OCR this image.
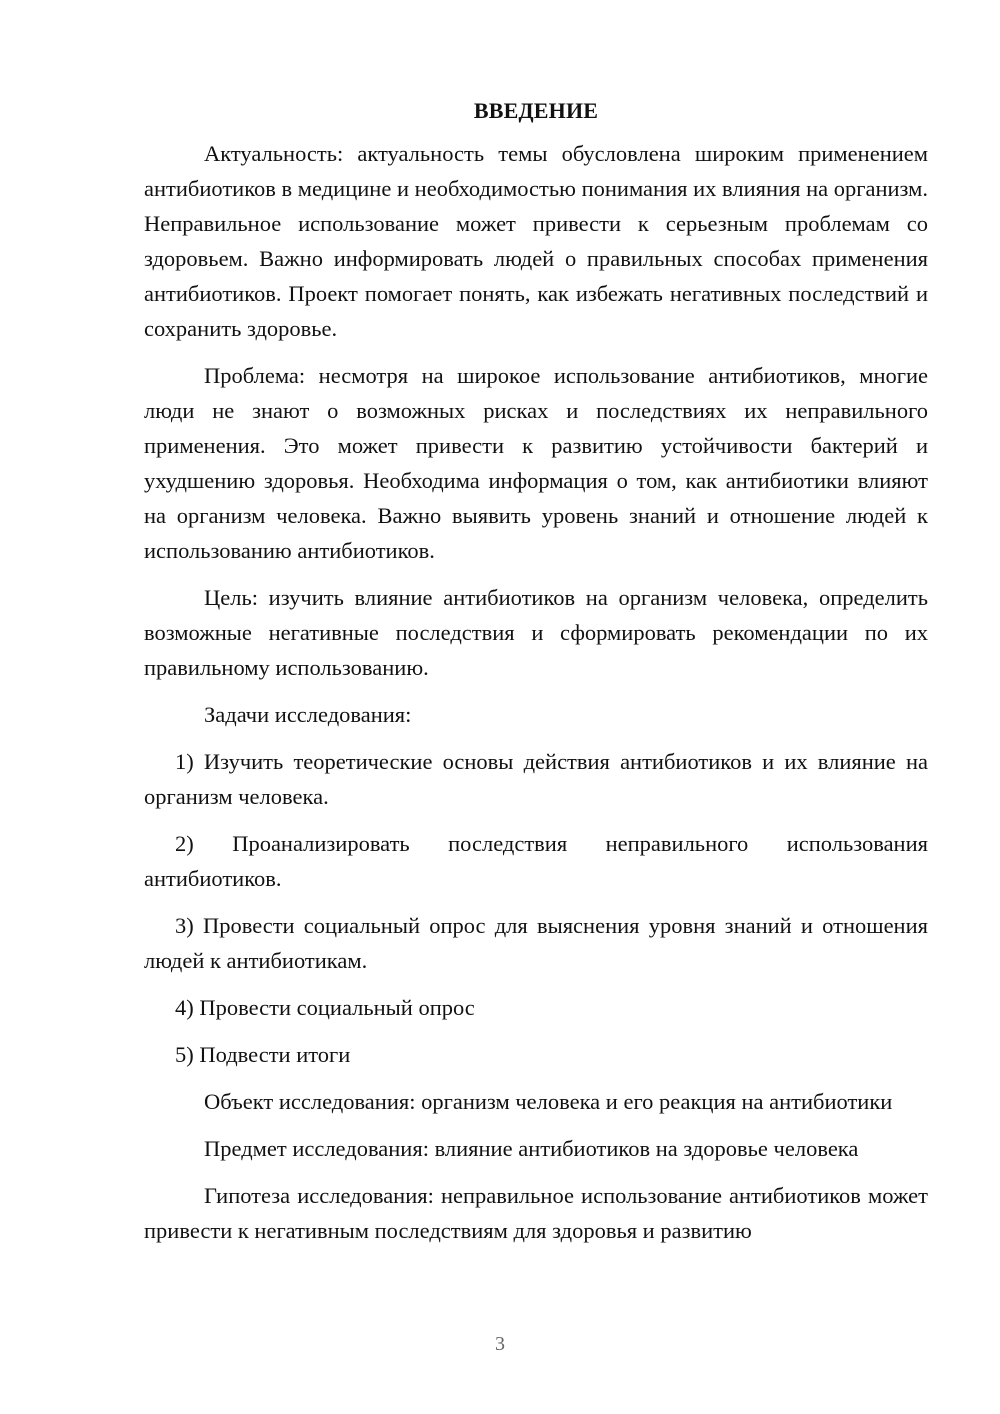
ВВЕДЕНИЕ

Актуальность: актуальность темы обусловлена широким применением антибиотиков в медицине и необходимостью понимания их влияния на организм. Неправильное использование может привести к серьезным проблемам со здоровьем. Важно информировать людей о правильных способах применения антибиотиков. Проект помогает понять, как избежать негативных последствий и сохранить здоровье.

Проблема: несмотря на широкое использование антибиотиков, многие люди не знают о возможных рисках и последствиях их неправильного применения. Это может привести к развитию устойчивости бактерий и ухудшению здоровья. Необходима информация о том, как антибиотики влияют на организм человека. Важно выявить уровень знаний и отношение людей к использованию антибиотиков.

Цель: изучить влияние антибиотиков на организм человека, определить возможные негативные последствия и сформировать рекомендации по их правильному использованию.

Задачи исследования:

1) Изучить теоретические основы действия антибиотиков и их влияние на организм человека.

2) Проанализировать последствия неправильного использования антибиотиков.

3) Провести социальный опрос для выяснения уровня знаний и отношения людей к антибиотикам.

4) Провести социальный опрос

5) Подвести итоги

Объект исследования: организм человека и его реакция на антибиотики

Предмет исследования: влияние антибиотиков на здоровье человека

Гипотеза исследования: неправильное использование антибиотиков может привести к негативным последствиям для здоровья и развитию

3
